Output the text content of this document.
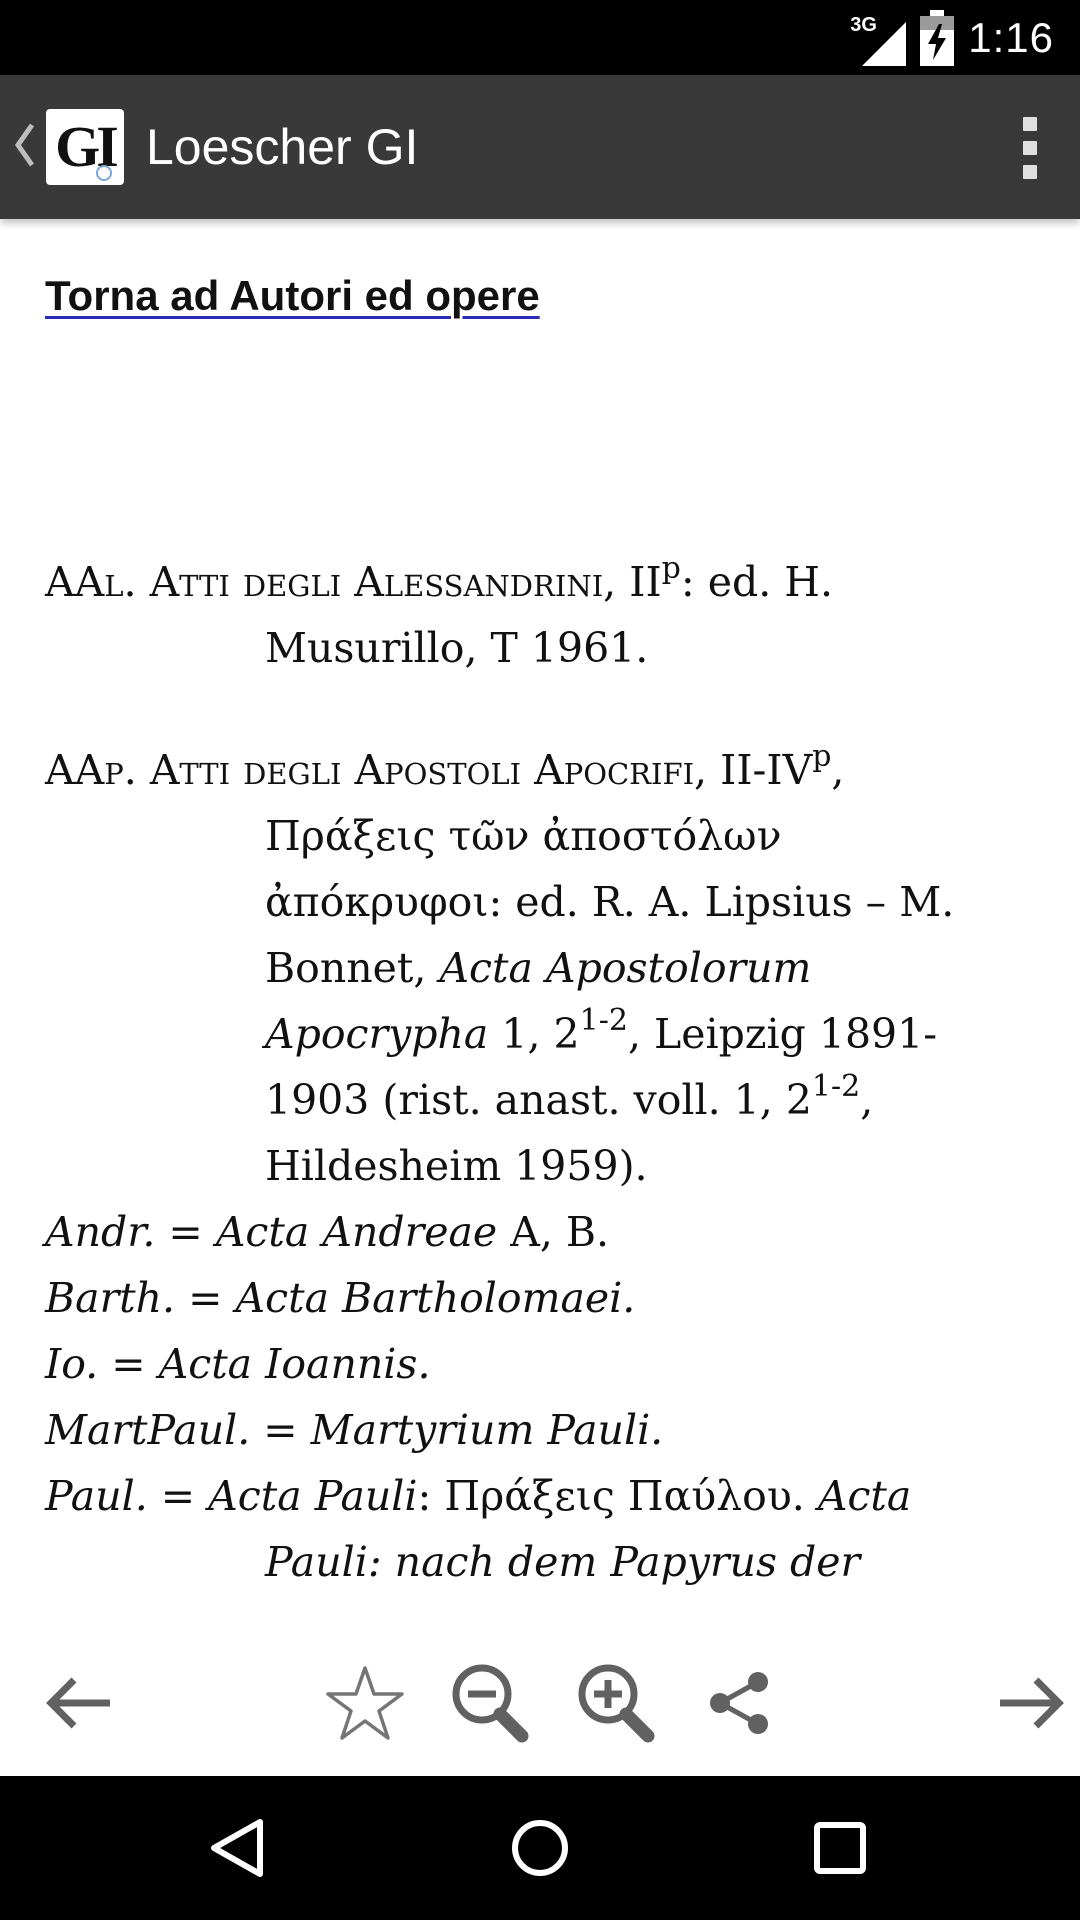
3G 1:16
GI Loescher GI
Torna ad Autori ed opere
AAl. Atti degli Alessandrini, $II^p$: ed. H. Musurillo, T 1961.
AAp. Atti degli Apostoli Apocrifi, $II-IV^p$, Πράξεις τῶν ἀποστόλων ἀπόκρυφοι: ed. R. A. Lipsius – M. Bonnet, Acta Apostolorum Apocrypha 1, 2$^{1-2}$, Leipzig 1891-1903 (rist. anast. voll. 1, 2$^{1-2}$, Hildesheim 1959).
Andr. = Acta Andreae A, B.
Barth. = Acta Bartholomaei.
Io. = Acta Ioannis.
MartPaul. = Martyrium Pauli.
Paul. = Acta Pauli: Πράξεις Παύλου. Acta Pauli: nach dem Papyrus der
